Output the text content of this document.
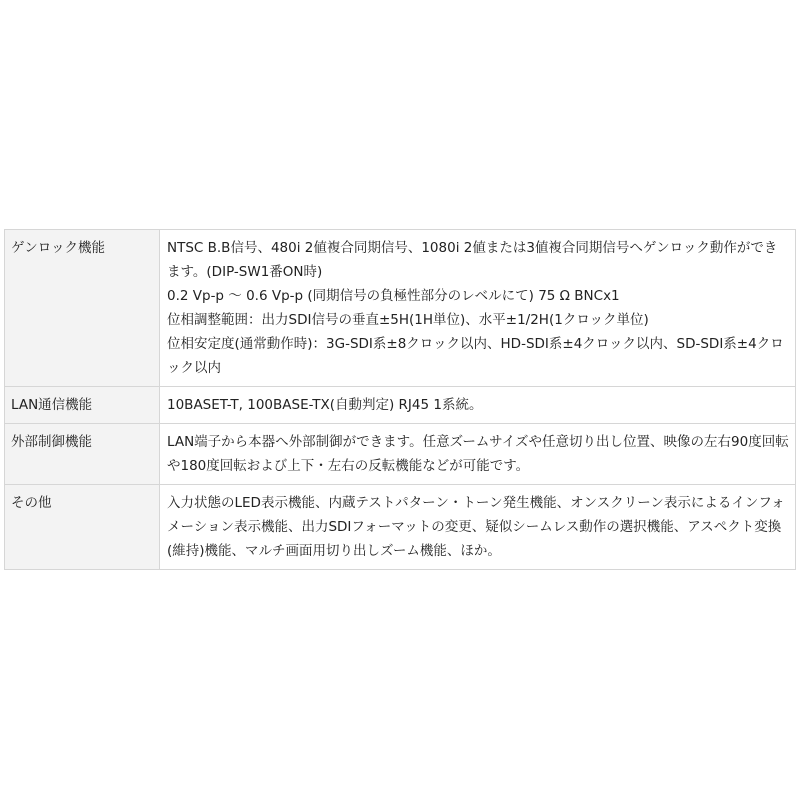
ゲンロック機能	NTSC B.B信号、480i 2値複合同期信号、1080i 2値または3値複合同期信号へゲンロック動作ができます。(DIP-SW1番ON時)
0.2 Vp-p 〜 0.6 Vp-p (同期信号の負極性部分のレベルにて) 75 Ω BNCx1
位相調整範囲：出力SDI信号の垂直±5H(1H単位)、水平±1/2H(1クロック単位)
位相安定度(通常動作時)：3G-SDI系±8クロック以内、HD-SDI系±4クロック以内、SD-SDI系±4クロック以内

LAN通信機能	10BASET-T, 100BASE-TX(自動判定) RJ45 1系統。

外部制御機能	LAN端子から本器へ外部制御ができます。任意ズームサイズや任意切り出し位置、映像の左右90度回転や180度回転および上下・左右の反転機能などが可能です。

その他	入力状態のLED表示機能、内蔵テストパターン・トーン発生機能、オンスクリーン表示によるインフォメーション表示機能、出力SDIフォーマットの変更、疑似シームレス動作の選択機能、アスペクト変換(維持)機能、マルチ画面用切り出しズーム機能、ほか。
